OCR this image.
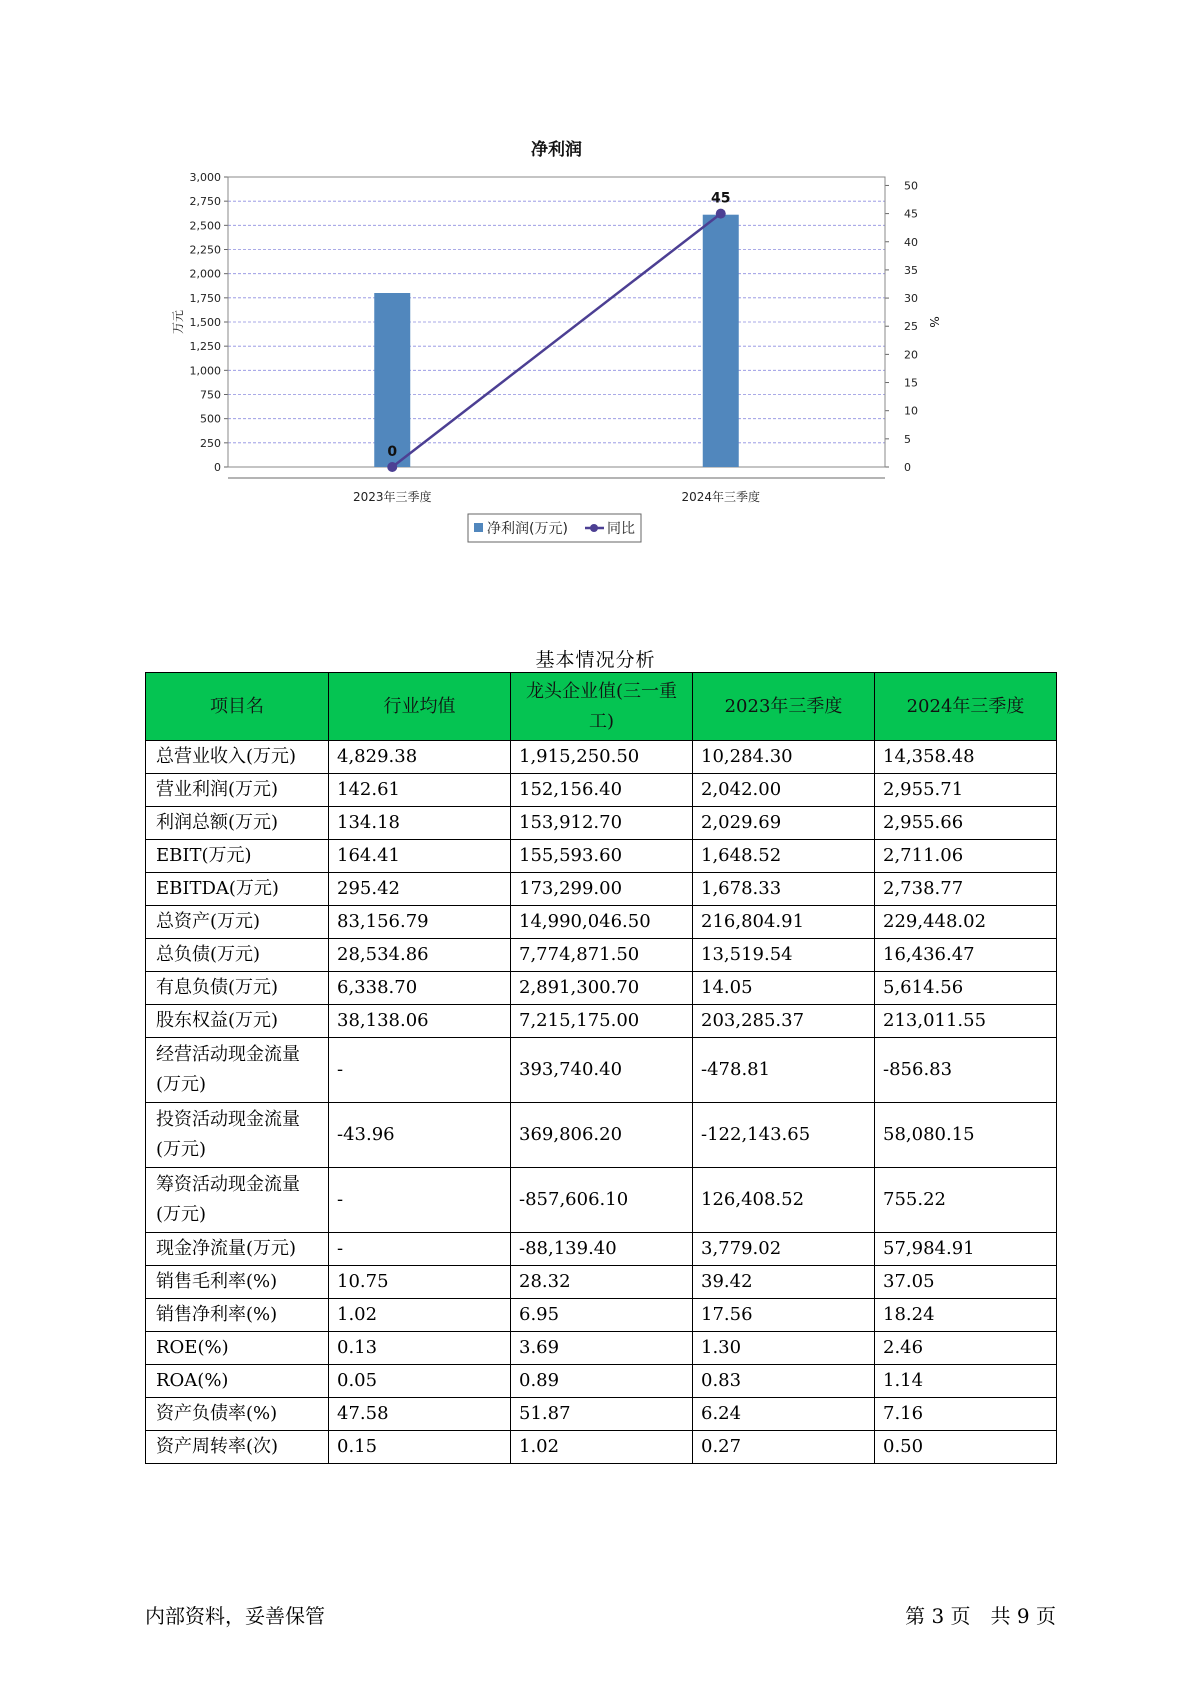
净利润
0
250
500
750
1,000
1,250
1,500
1,750
2,000
2,250
2,500
2,750
3,000
0
5
10
15
20
25
30
35
40
45
50
万元	%
2023年三季度	2024年三季度
0
45
净利润(万元)	同比
基本情况分析
项目名	行业均值	龙头企业值(三一重工)	2023年三季度	2024年三季度
总营业收入(万元)	4,829.38	1,915,250.50	10,284.30	14,358.48
营业利润(万元)	142.61	152,156.40	2,042.00	2,955.71
利润总额(万元)	134.18	153,912.70	2,029.69	2,955.66
EBIT(万元)	164.41	155,593.60	1,648.52	2,711.06
EBITDA(万元)	295.42	173,299.00	1,678.33	2,738.77
总资产(万元)	83,156.79	14,990,046.50	216,804.91	229,448.02
总负债(万元)	28,534.86	7,774,871.50	13,519.54	16,436.47
有息负债(万元)	6,338.70	2,891,300.70	14.05	5,614.56
股东权益(万元)	38,138.06	7,215,175.00	203,285.37	213,011.55
经营活动现金流量(万元)	-	393,740.40	-478.81	-856.83
投资活动现金流量(万元)	-43.96	369,806.20	-122,143.65	58,080.15
筹资活动现金流量(万元)	-	-857,606.10	126,408.52	755.22
现金净流量(万元)	-	-88,139.40	3,779.02	57,984.91
销售毛利率(%)	10.75	28.32	39.42	37.05
销售净利率(%)	1.02	6.95	17.56	18.24
ROE(%)	0.13	3.69	1.30	2.46
ROA(%)	0.05	0.89	0.83	1.14
资产负债率(%)	47.58	51.87	6.24	7.16
资产周转率(次)	0.15	1.02	0.27	0.50
内部资料，妥善保管	第 3 页　共 9 页
